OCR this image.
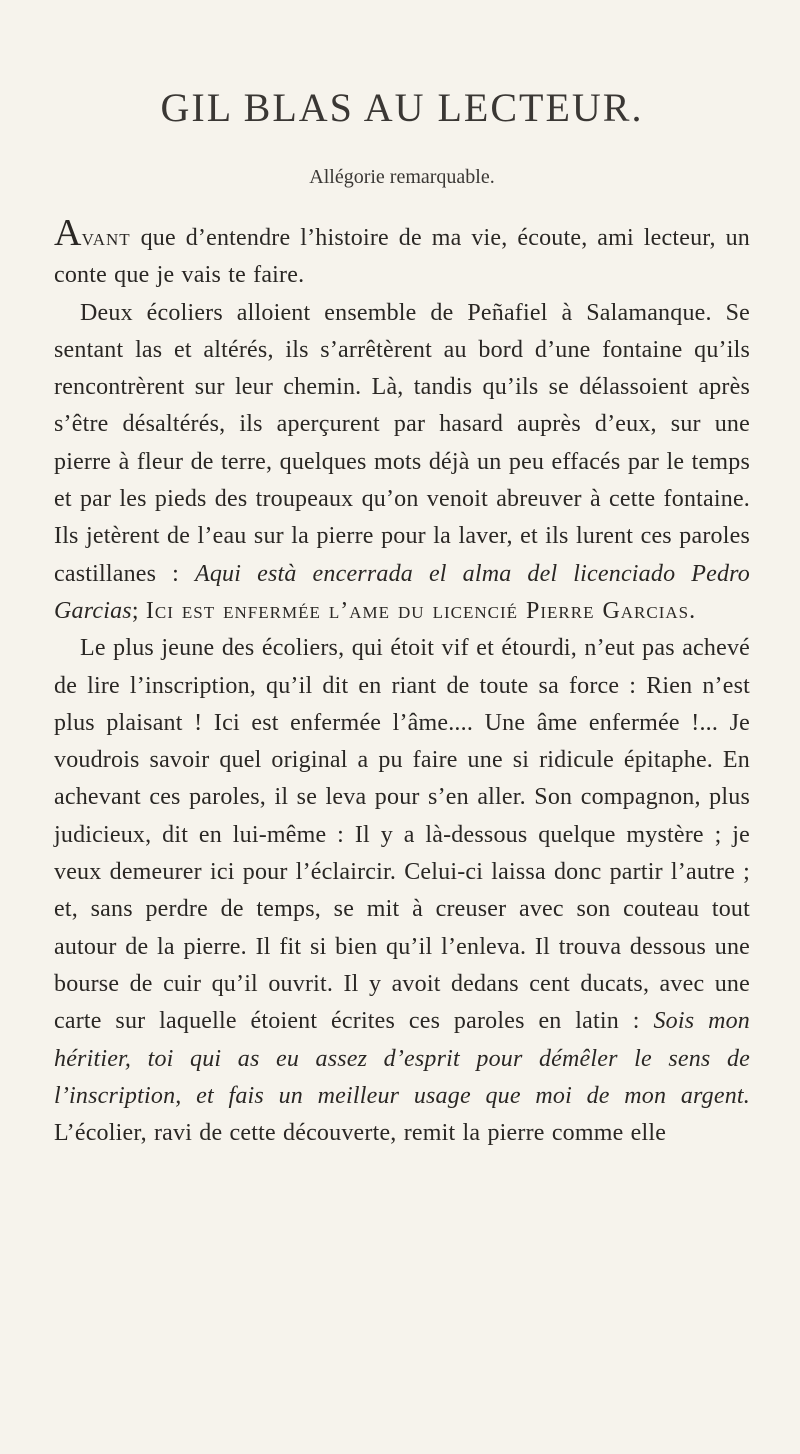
GIL BLAS AU LECTEUR.
Allégorie remarquable.

Avant que d’entendre l’histoire de ma vie, écoute, ami lecteur, un conte que je vais te faire.

Deux écoliers alloient ensemble de Peñafiel à Salamanque. Se sentant las et altérés, ils s’arrêtèrent au bord d’une fontaine qu’ils rencontrèrent sur leur chemin. Là, tandis qu’ils se délassoient après s’être désaltérés, ils aperçurent par hasard auprès d’eux, sur une pierre à fleur de terre, quelques mots déjà un peu effacés par le temps et par les pieds des troupeaux qu’on venoit abreuver à cette fontaine. Ils jetèrent de l’eau sur la pierre pour la laver, et ils lurent ces paroles castillanes : Aqui està encerrada el alma del licenciado Pedro Garcias; Ici est enfermée l’ame du licencié Pierre Garcias.

Le plus jeune des écoliers, qui étoit vif et étourdi, n’eut pas achevé de lire l’inscription, qu’il dit en riant de toute sa force : Rien n’est plus plaisant ! Ici est enfermée l’âme.... Une âme enfermée !... Je voudrois savoir quel original a pu faire une si ridicule épitaphe. En achevant ces paroles, il se leva pour s’en aller. Son compagnon, plus judicieux, dit en lui-même : Il y a là-dessous quelque mystère ; je veux demeurer ici pour l’éclaircir. Celui-ci laissa donc partir l’autre ; et, sans perdre de temps, se mit à creuser avec son couteau tout autour de la pierre. Il fit si bien qu’il l’enleva. Il trouva dessous une bourse de cuir qu’il ouvrit. Il y avoit dedans cent ducats, avec une carte sur laquelle étoient écrites ces paroles en latin : Sois mon héritier, toi qui as eu assez d’esprit pour démêler le sens de l’inscription, et fais un meilleur usage que moi de mon argent. L’écolier, ravi de cette découverte, remit la pierre comme elle
